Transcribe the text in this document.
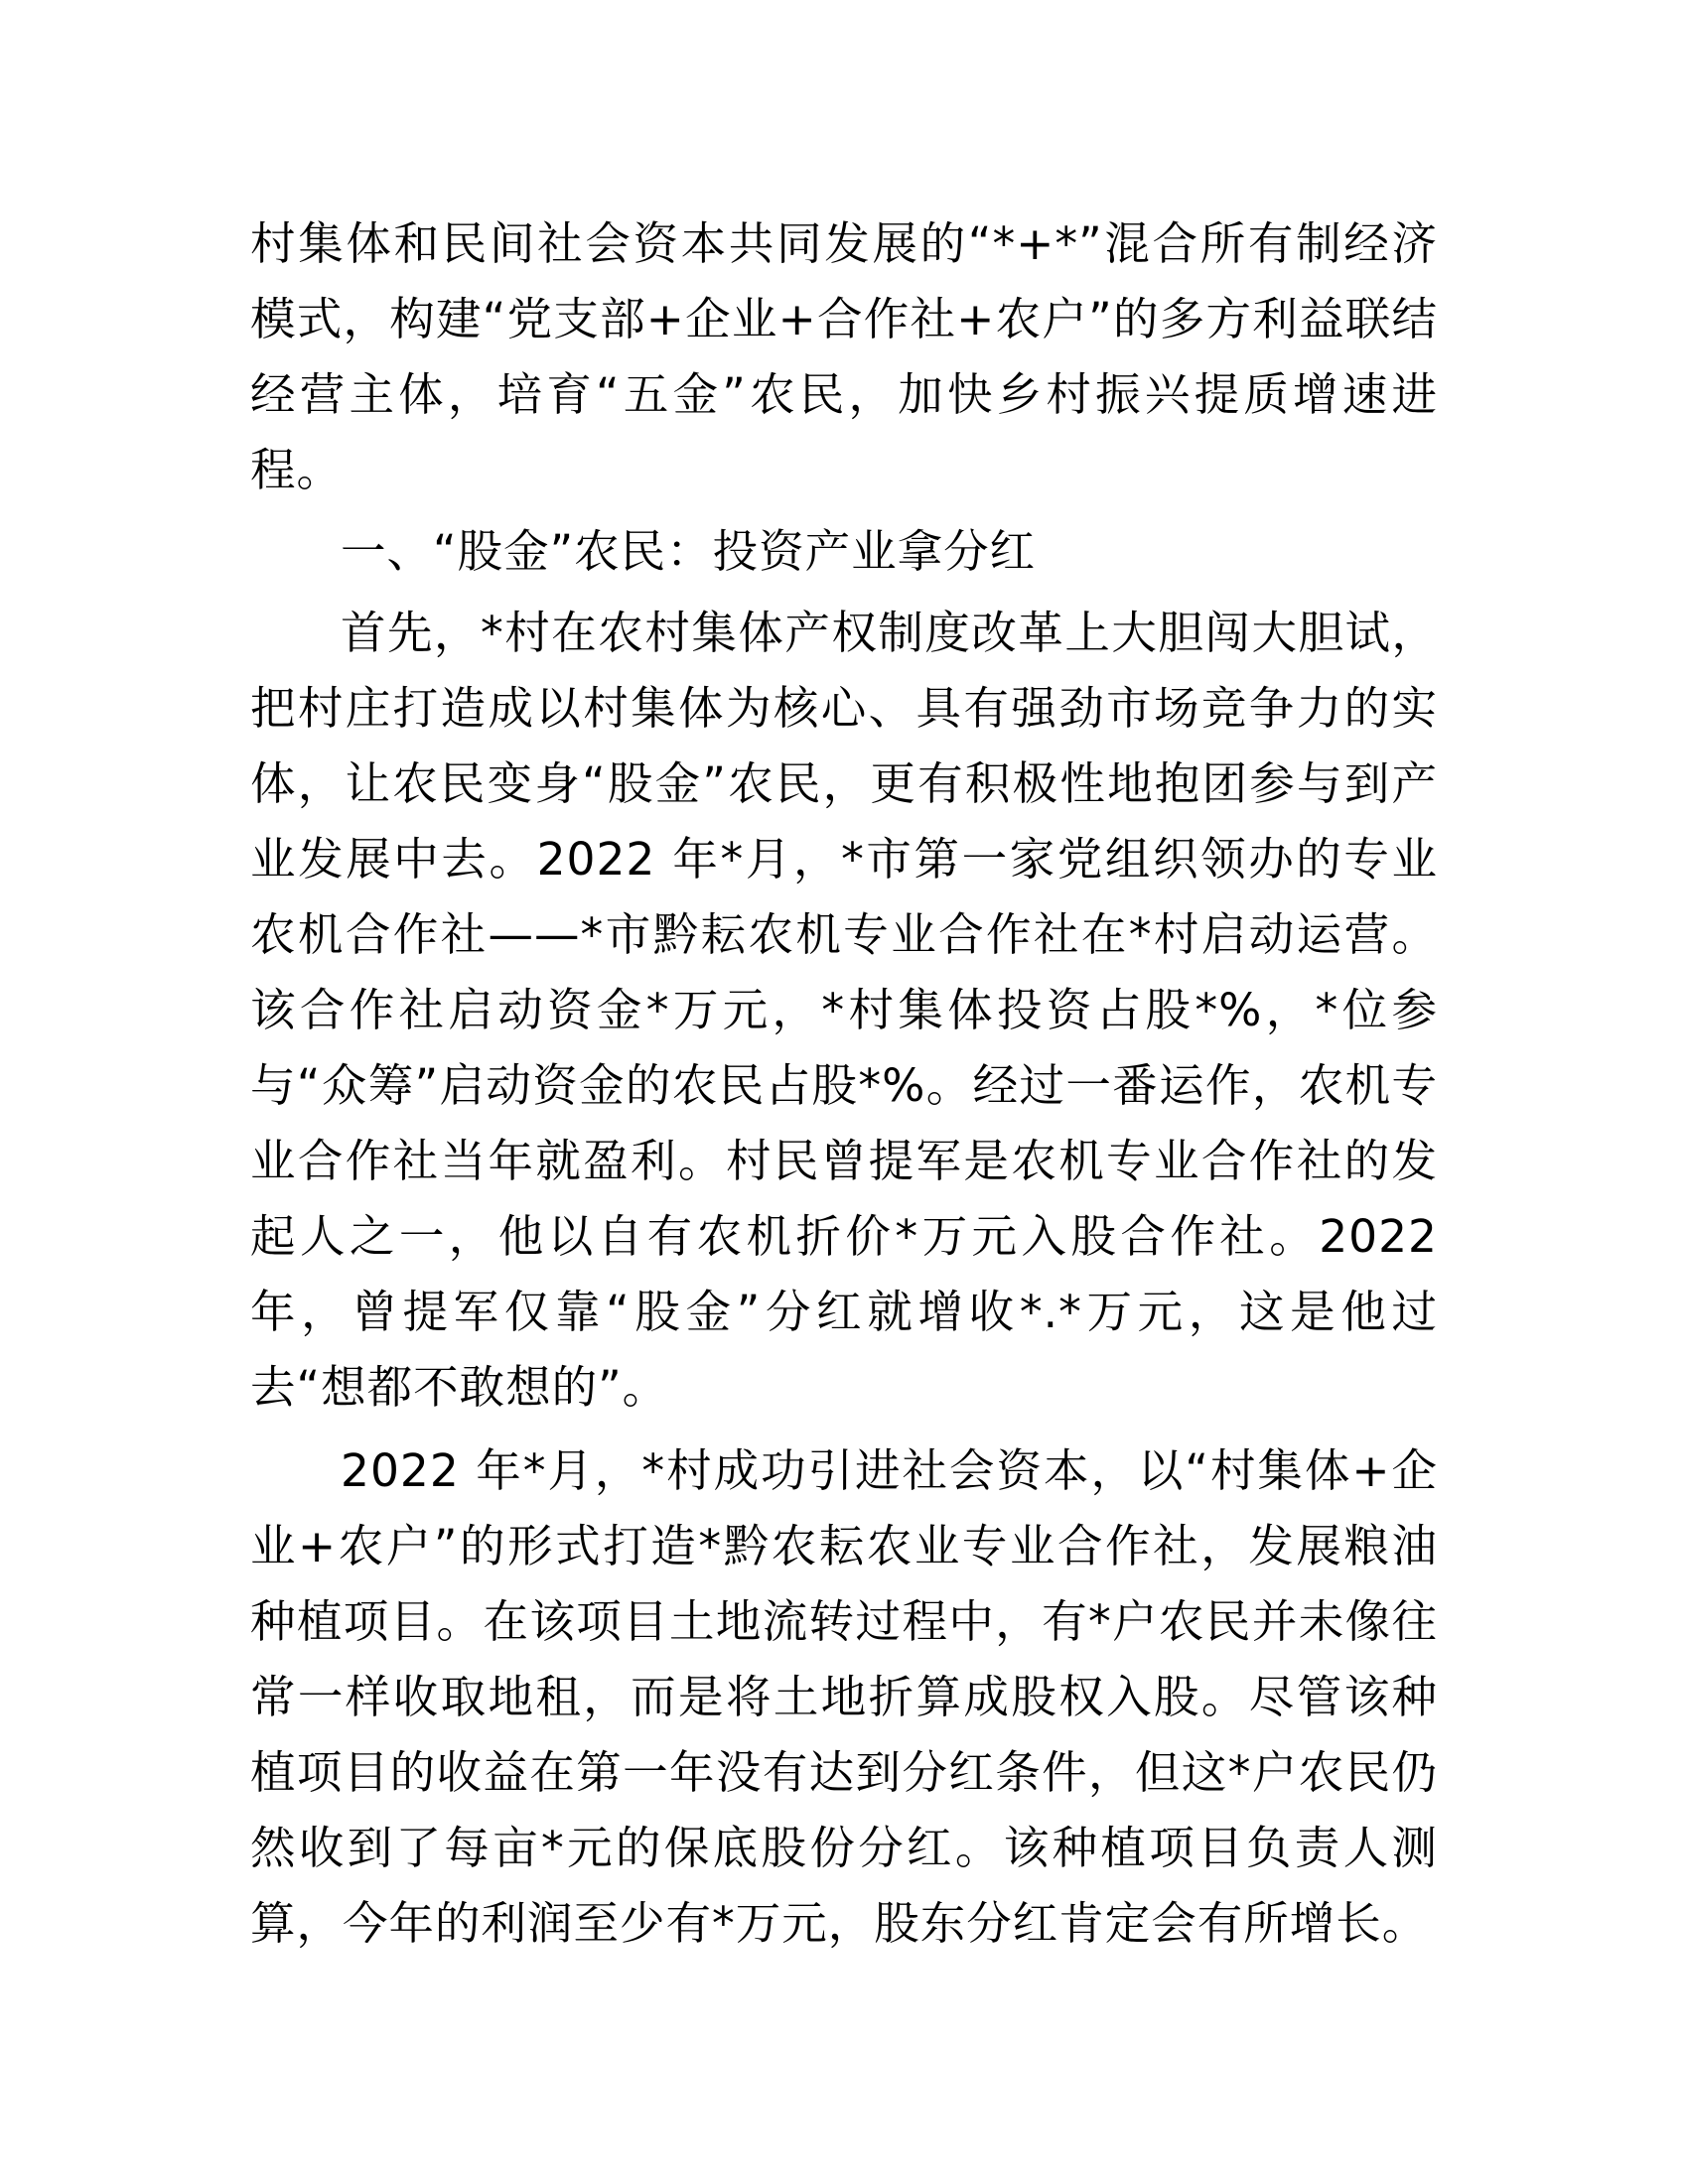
村集体和民间社会资本共同发展的“*+*”混合所有制经济模式，构建“党支部+企业+合作社+农户”的多方利益联结经营主体，培育“五金”农民，加快乡村振兴提质增速进程。

一、“股金”农民：投资产业拿分红

首先，*村在农村集体产权制度改革上大胆闯大胆试，把村庄打造成以村集体为核心、具有强劲市场竞争力的实体，让农民变身“股金”农民，更有积极性地抱团参与到产业发展中去。2022 年*月，*市第一家党组织领办的专业农机合作社——*市黔耘农机专业合作社在*村启动运营。该合作社启动资金*万元，*村集体投资占股*%，*位参与“众筹”启动资金的农民占股*%。经过一番运作，农机专业合作社当年就盈利。村民曾提军是农机专业合作社的发起人之一，他以自有农机折价*万元入股合作社。2022 年，曾提军仅靠“股金”分红就增收*.*万元，这是他过去“想都不敢想的”。

2022 年*月，*村成功引进社会资本，以“村集体+企业+农户”的形式打造*黔农耘农业专业合作社，发展粮油种植项目。在该项目土地流转过程中，有*户农民并未像往常一样收取地租，而是将土地折算成股权入股。尽管该种植项目的收益在第一年没有达到分红条件，但这*户农民仍然收到了每亩*元的保底股份分红。该种植项目负责人测算，今年的利润至少有*万元，股东分红肯定会有所增长。
